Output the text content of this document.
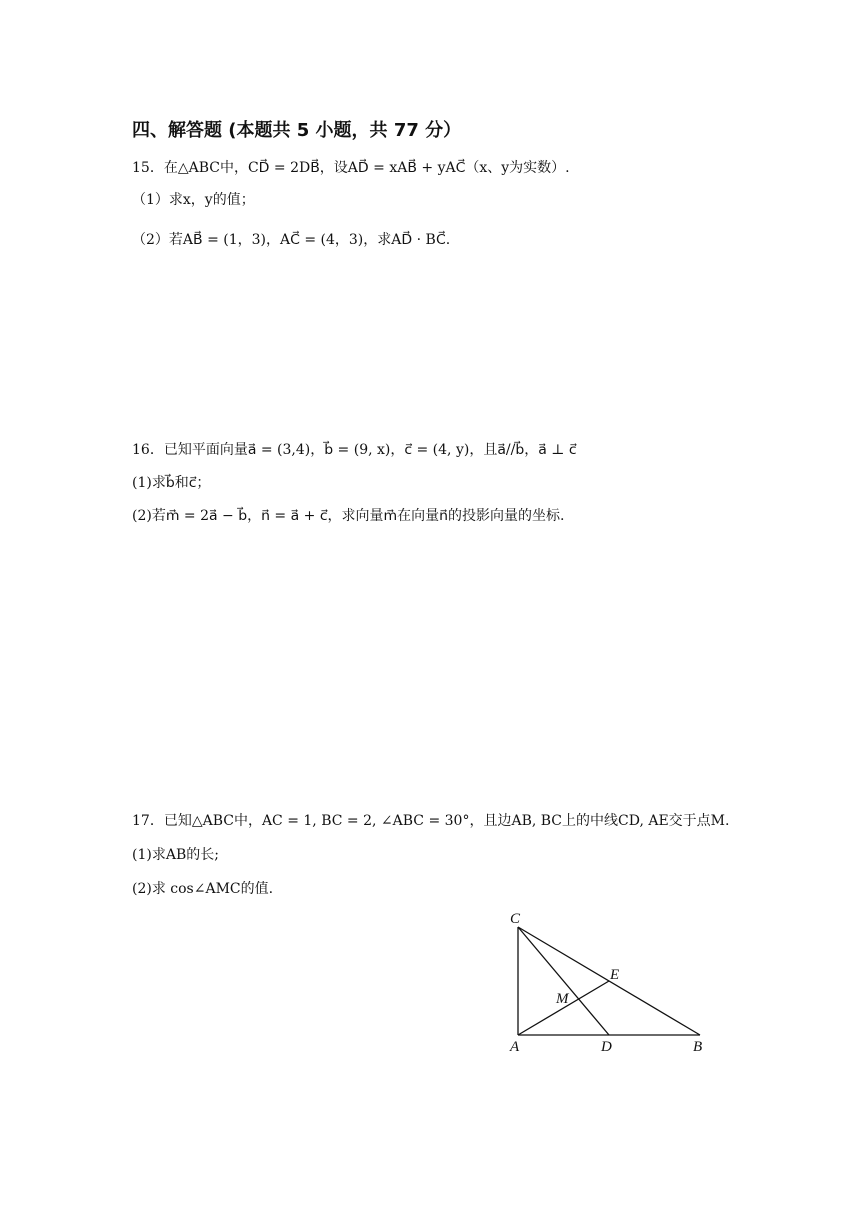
四、解答题 (本题共 5 小题，共 77 分）
15．在△ABC中，CD⃗ = 2DB⃗，设AD⃗ = xAB⃗ + yAC⃗（x、y为实数）.
（1）求x，y的值；
（2）若AB⃗ = (1，3)，AC⃗ = (4，3)，求AD⃗ · BC⃗.
16．已知平面向量a⃗ = (3,4)，b⃗ = (9, x)，c⃗ = (4, y)，且a⃗//b⃗，a⃗ ⊥ c⃗
(1)求b⃗和c⃗；
(2)若m⃗ = 2a⃗ − b⃗，n⃗ = a⃗ + c⃗，求向量m⃗在向量n⃗的投影向量的坐标.
17．已知△ABC中，AC = 1, BC = 2, ∠ABC = 30°，且边AB, BC上的中线CD, AE交于点M.
(1)求AB的长;
(2)求 cos∠AMC的值.
C
E
M
A	D	B
